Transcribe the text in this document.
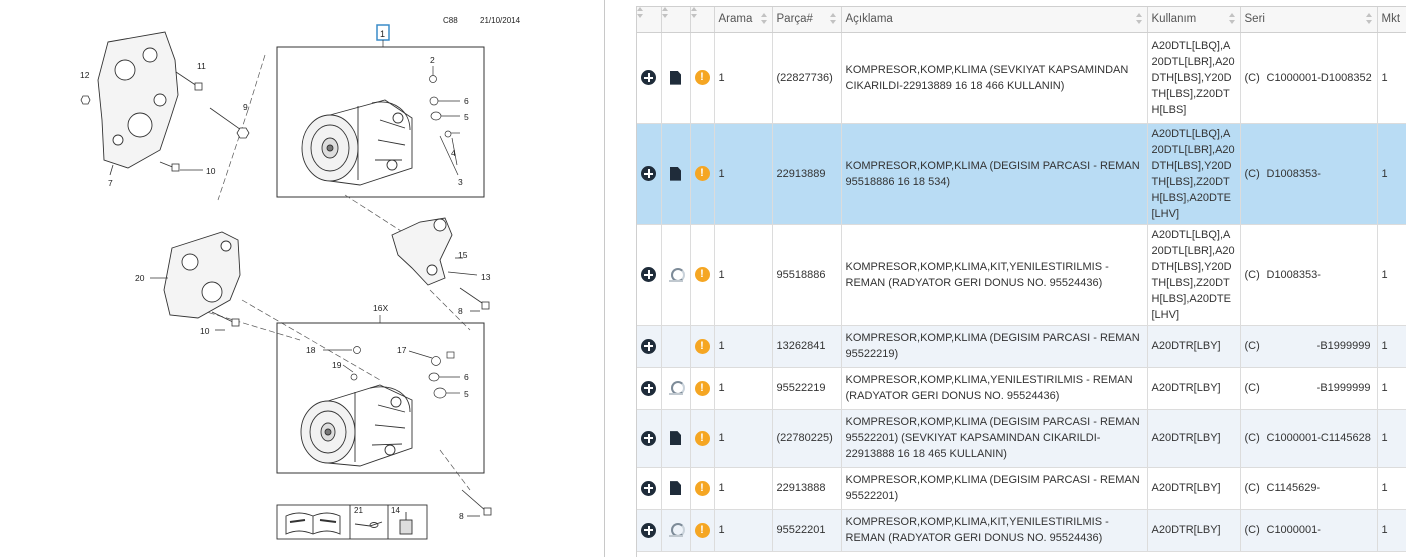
C88	21/10/2014
1
2
6
5
4
3
12
11
9
7
10
15
13
8
20
10
16X
18
19
17
6
5
8
21	14
			Arama	Parça#	Açıklama	Kullanım	Seri	Mkt
		!	1	(22827736)	KOMPRESOR,KOMP,KLIMA (SEVKIYAT KAPSAMINDAN CIKARILDI-22913889 16 18 466 KULLANIN)	A20DTL[LBQ],A20DTL[LBR],A20DTH[LBS],Y20DTH[LBS],Z20DTH[LBS]	(C) C1000001-D1008352	1
		!	1	22913889	KOMPRESOR,KOMP,KLIMA (DEGISIM PARCASI - REMAN 95518886 16 18 534)	A20DTL[LBQ],A20DTL[LBR],A20DTH[LBS],Y20DTH[LBS],Z20DTH[LBS],A20DTE[LHV]	(C) D1008353-	1
		!	1	95518886	KOMPRESOR,KOMP,KLIMA,KIT,YENILESTIRILMIS - REMAN (RADYATOR GERI DONUS NO. 95524436)	A20DTL[LBQ],A20DTL[LBR],A20DTH[LBS],Y20DTH[LBS],Z20DTH[LBS],A20DTE[LHV]	(C) D1008353-	1
		!	1	13262841	KOMPRESOR,KOMP,KLIMA (DEGISIM PARCASI - REMAN 95522219)	A20DTR[LBY]	(C) -B1999999	1
		!	1	95522219	KOMPRESOR,KOMP,KLIMA,YENILESTIRILMIS - REMAN (RADYATOR GERI DONUS NO. 95524436)	A20DTR[LBY]	(C) -B1999999	1
		!	1	(22780225)	KOMPRESOR,KOMP,KLIMA (DEGISIM PARCASI - REMAN 95522201) (SEVKIYAT KAPSAMINDAN CIKARILDI-22913888 16 18 465 KULLANIN)	A20DTR[LBY]	(C) C1000001-C1145628	1
		!	1	22913888	KOMPRESOR,KOMP,KLIMA (DEGISIM PARCASI - REMAN 95522201)	A20DTR[LBY]	(C) C1145629-	1
		!	1	95522201	KOMPRESOR,KOMP,KLIMA,KIT,YENILESTIRILMIS - REMAN (RADYATOR GERI DONUS NO. 95524436)	A20DTR[LBY]	(C) C1000001-	1
